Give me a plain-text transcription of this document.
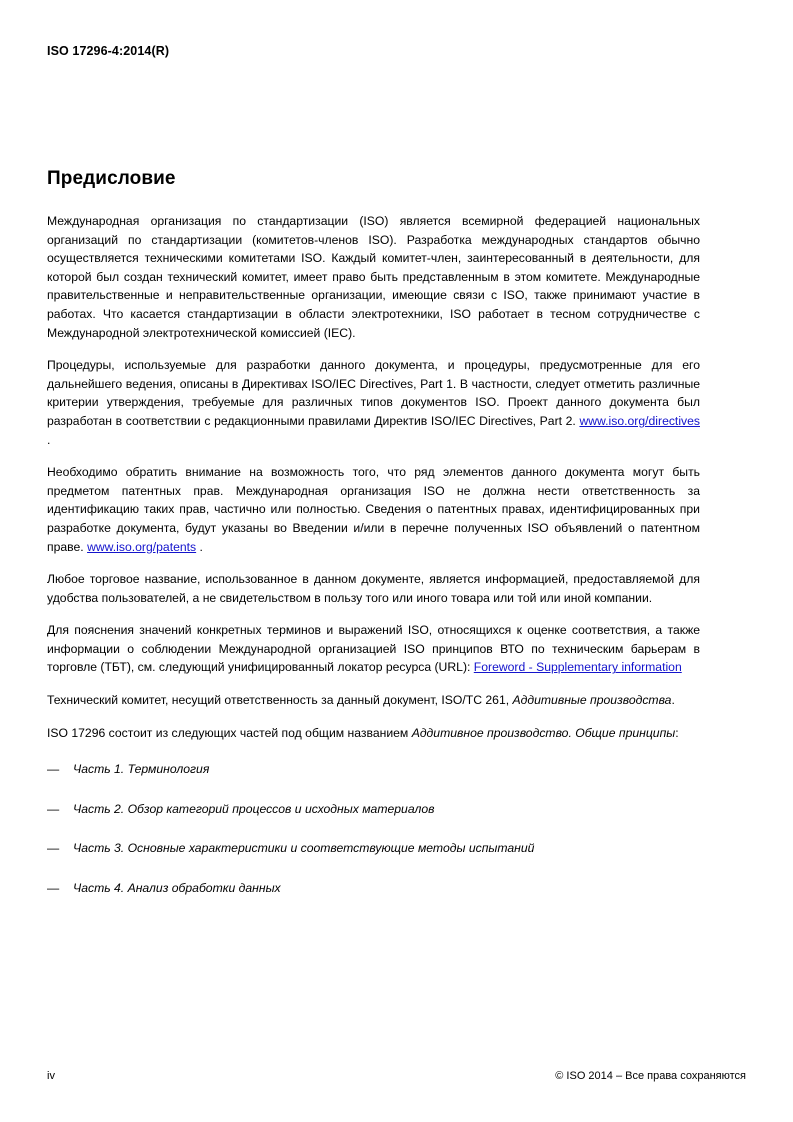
ISO 17296-4:2014(R)
Предисловие

Международная организация по стандартизации (ISO) является всемирной федерацией национальных организаций по стандартизации (комитетов-членов ISO). Разработка международных стандартов обычно осуществляется техническими комитетами ISO. Каждый комитет-член, заинтересованный в деятельности, для которой был создан технический комитет, имеет право быть представленным в этом комитете. Международные правительственные и неправительственные организации, имеющие связи с ISO, также принимают участие в работах. Что касается стандартизации в области электротехники, ISO работает в тесном сотрудничестве с Международной электротехнической комиссией (IEC).

Процедуры, используемые для разработки данного документа, и процедуры, предусмотренные для его дальнейшего ведения, описаны в Директивах ISO/IEC Directives, Part 1. В частности, следует отметить различные критерии утверждения, требуемые для различных типов документов ISO. Проект данного документа был разработан в соответствии с редакционными правилами Директив ISO/IEC Directives, Part 2. www.iso.org/directives .

Необходимо обратить внимание на возможность того, что ряд элементов данного документа могут быть предметом патентных прав. Международная организация ISO не должна нести ответственность за идентификацию таких прав, частично или полностью. Сведения о патентных правах, идентифицированных при разработке документа, будут указаны во Введении и/или в перечне полученных ISO объявлений о патентном праве. www.iso.org/patents .

Любое торговое название, использованное в данном документе, является информацией, предоставляемой для удобства пользователей, а не свидетельством в пользу того или иного товара или той или иной компании.

Для пояснения значений конкретных терминов и выражений ISO, относящихся к оценке соответствия, а также информации о соблюдении Международной организацией ISO принципов ВТО по техническим барьерам в торговле (ТБТ), см. следующий унифицированный локатор ресурса (URL): Foreword - Supplementary information

Технический комитет, несущий ответственность за данный документ, ISO/TC 261, Аддитивные производства.

ISO 17296 состоит из следующих частей под общим названием Аддитивное производство. Общие принципы:

— Часть 1. Терминология
— Часть 2. Обзор категорий процессов и исходных материалов
— Часть 3. Основные характеристики и соответствующие методы испытаний
— Часть 4. Анализ обработки данных
iv	© ISO 2014 – Все права сохраняются
